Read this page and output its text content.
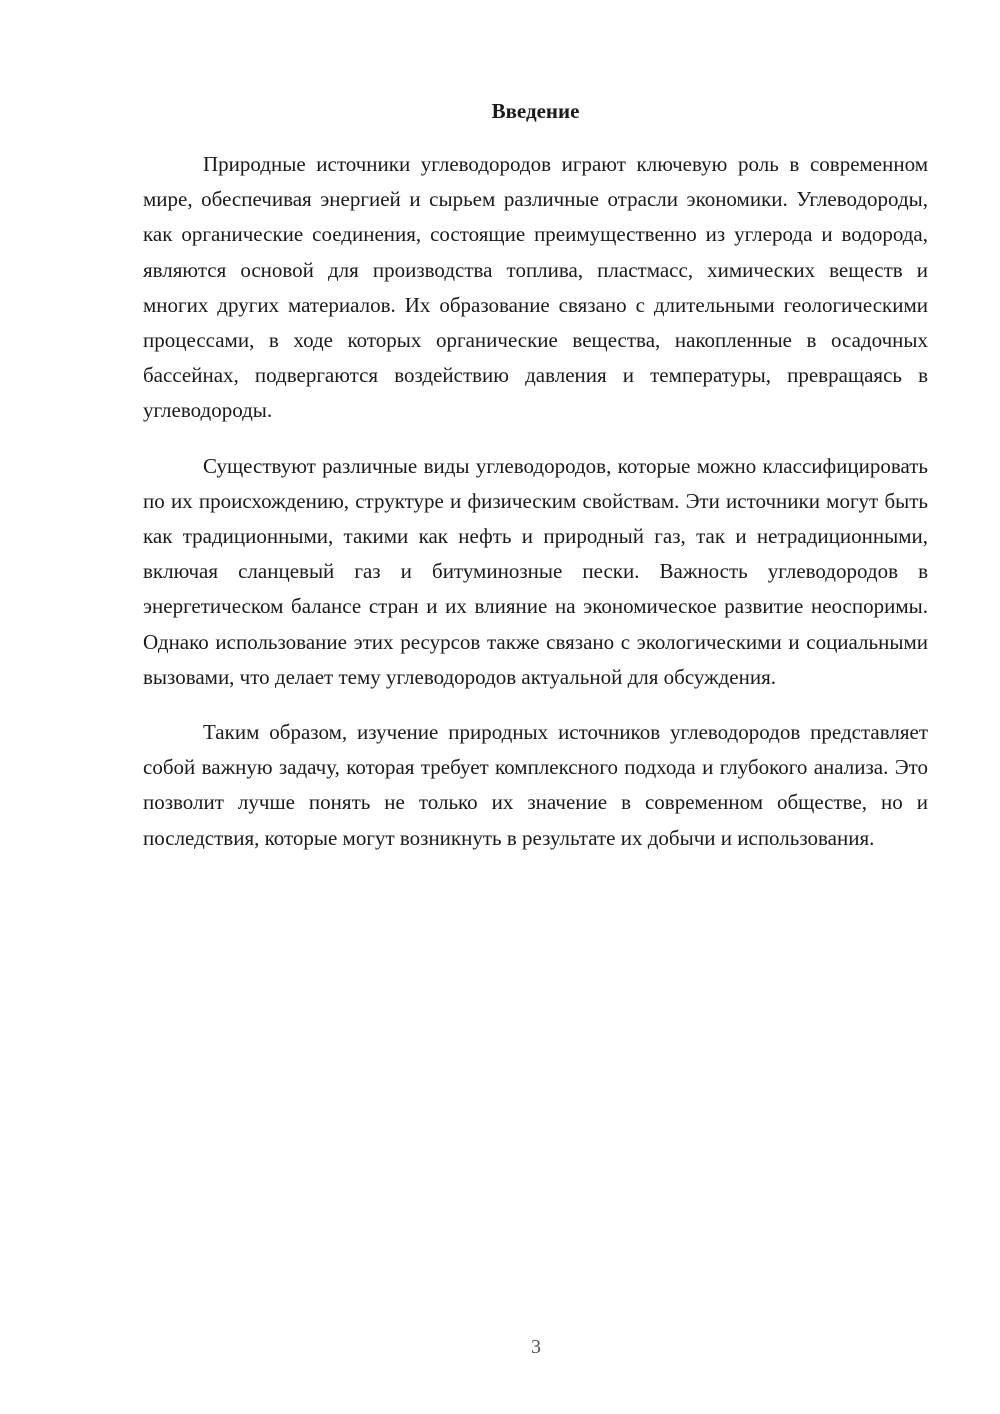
Введение

Природные источники углеводородов играют ключевую роль в современном мире, обеспечивая энергией и сырьем различные отрасли экономики. Углеводороды, как органические соединения, состоящие преимущественно из углерода и водорода, являются основой для производства топлива, пластмасс, химических веществ и многих других материалов. Их образование связано с длительными геологическими процессами, в ходе которых органические вещества, накопленные в осадочных бассейнах, подвергаются воздействию давления и температуры, превращаясь в углеводороды.

Существуют различные виды углеводородов, которые можно классифицировать по их происхождению, структуре и физическим свойствам. Эти источники могут быть как традиционными, такими как нефть и природный газ, так и нетрадиционными, включая сланцевый газ и битуминозные пески. Важность углеводородов в энергетическом балансе стран и их влияние на экономическое развитие неоспоримы. Однако использование этих ресурсов также связано с экологическими и социальными вызовами, что делает тему углеводородов актуальной для обсуждения.

Таким образом, изучение природных источников углеводородов представляет собой важную задачу, которая требует комплексного подхода и глубокого анализа. Это позволит лучше понять не только их значение в современном обществе, но и последствия, которые могут возникнуть в результате их добычи и использования.

3
